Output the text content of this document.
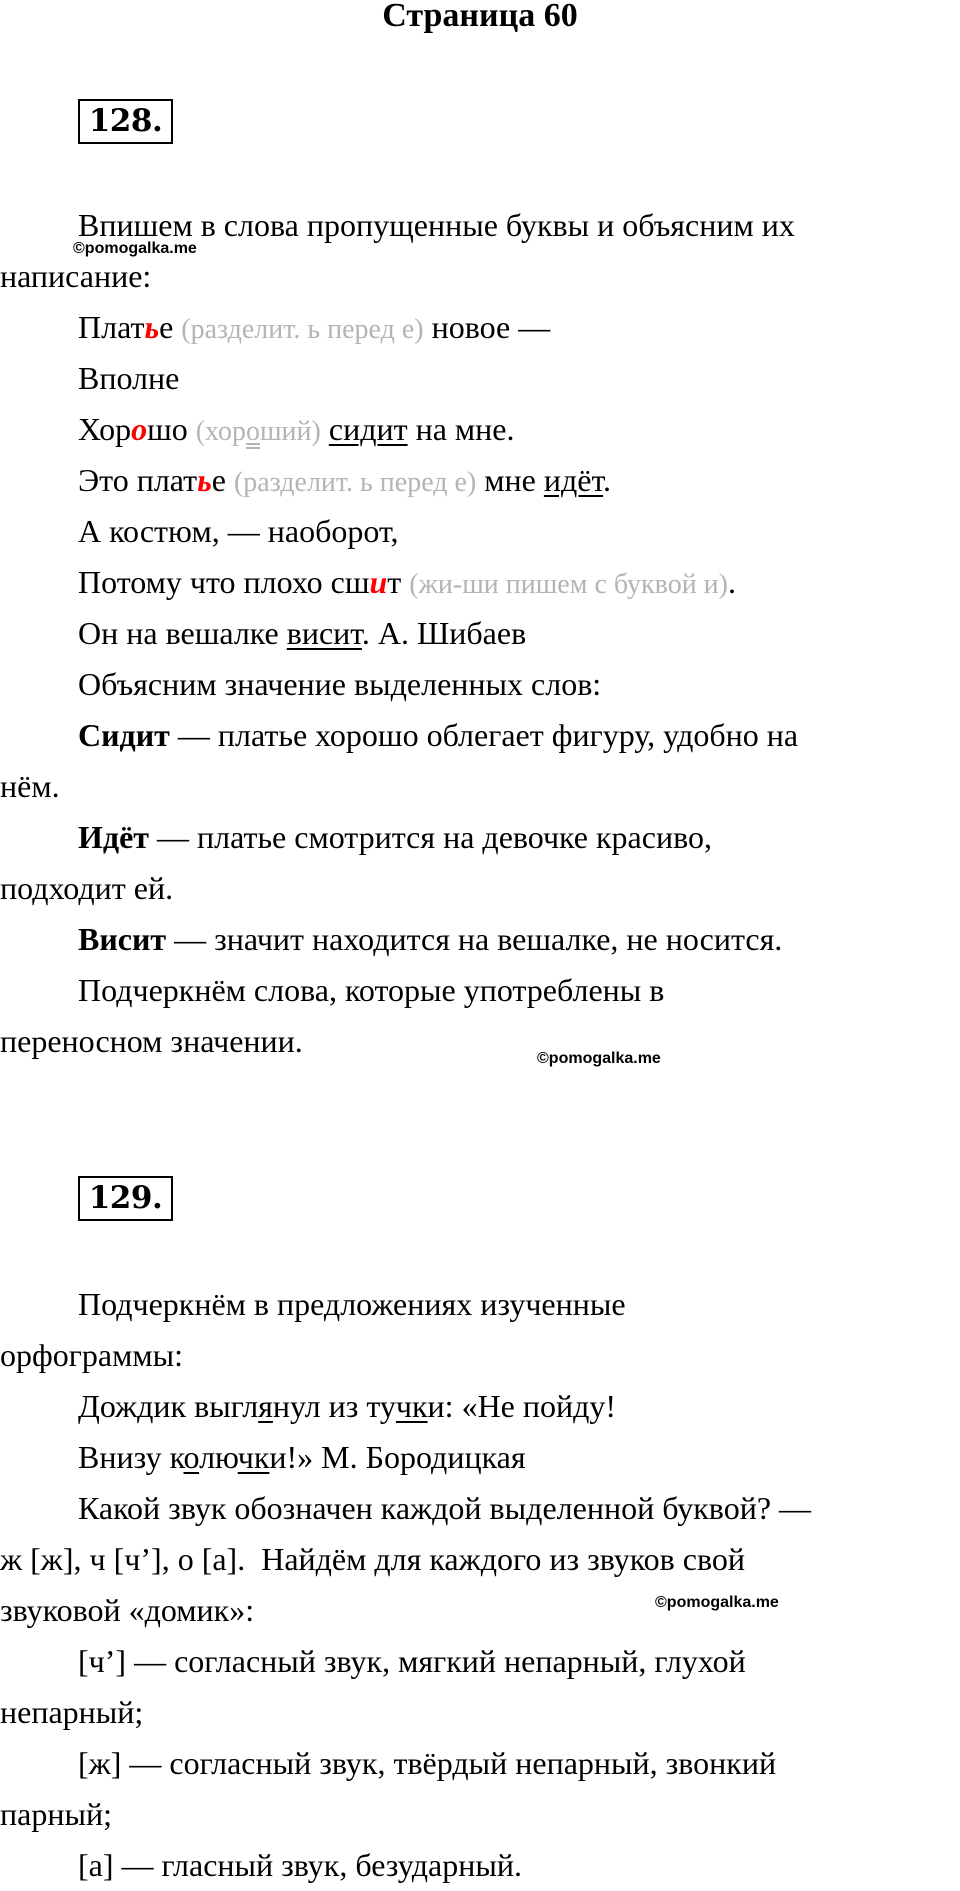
Страница 60
128.
Впишем в слова пропущенные буквы и объясним их
написание:
Платье (разделит. ь перед е) новое —
Вполне
Хорошо (хороший) сидит на мне.
Это платье (разделит. ь перед е) мне идёт.
А костюм, — наоборот,
Потому что плохо сшит (жи-ши пишем с буквой и).
Он на вешалке висит. А. Шибаев
Объясним значение выделенных слов:
Сидит — платье хорошо облегает фигуру, удобно на
нём.
Идёт — платье смотрится на девочке красиво,
подходит ей.
Висит — значит находится на вешалке, не носится.
Подчеркнём слова, которые употреблены в
переносном значении.
©pomogalka.me
©pomogalka.me
129.
Подчеркнём в предложениях изученные
орфограммы:
Дождик выглянул из тучки: «Не пойду!
Внизу колючки!» М. Бородицкая
Какой звук обозначен каждой выделенной буквой? —
ж [ж], ч [ч’], о [а].  Найдём для каждого из звуков свой
звуковой «домик»:
[ч’] — согласный звук, мягкий непарный, глухой
непарный;
[ж] — согласный звук, твёрдый непарный, звонкий
парный;
[а] — гласный звук, безударный.
©pomogalka.me
